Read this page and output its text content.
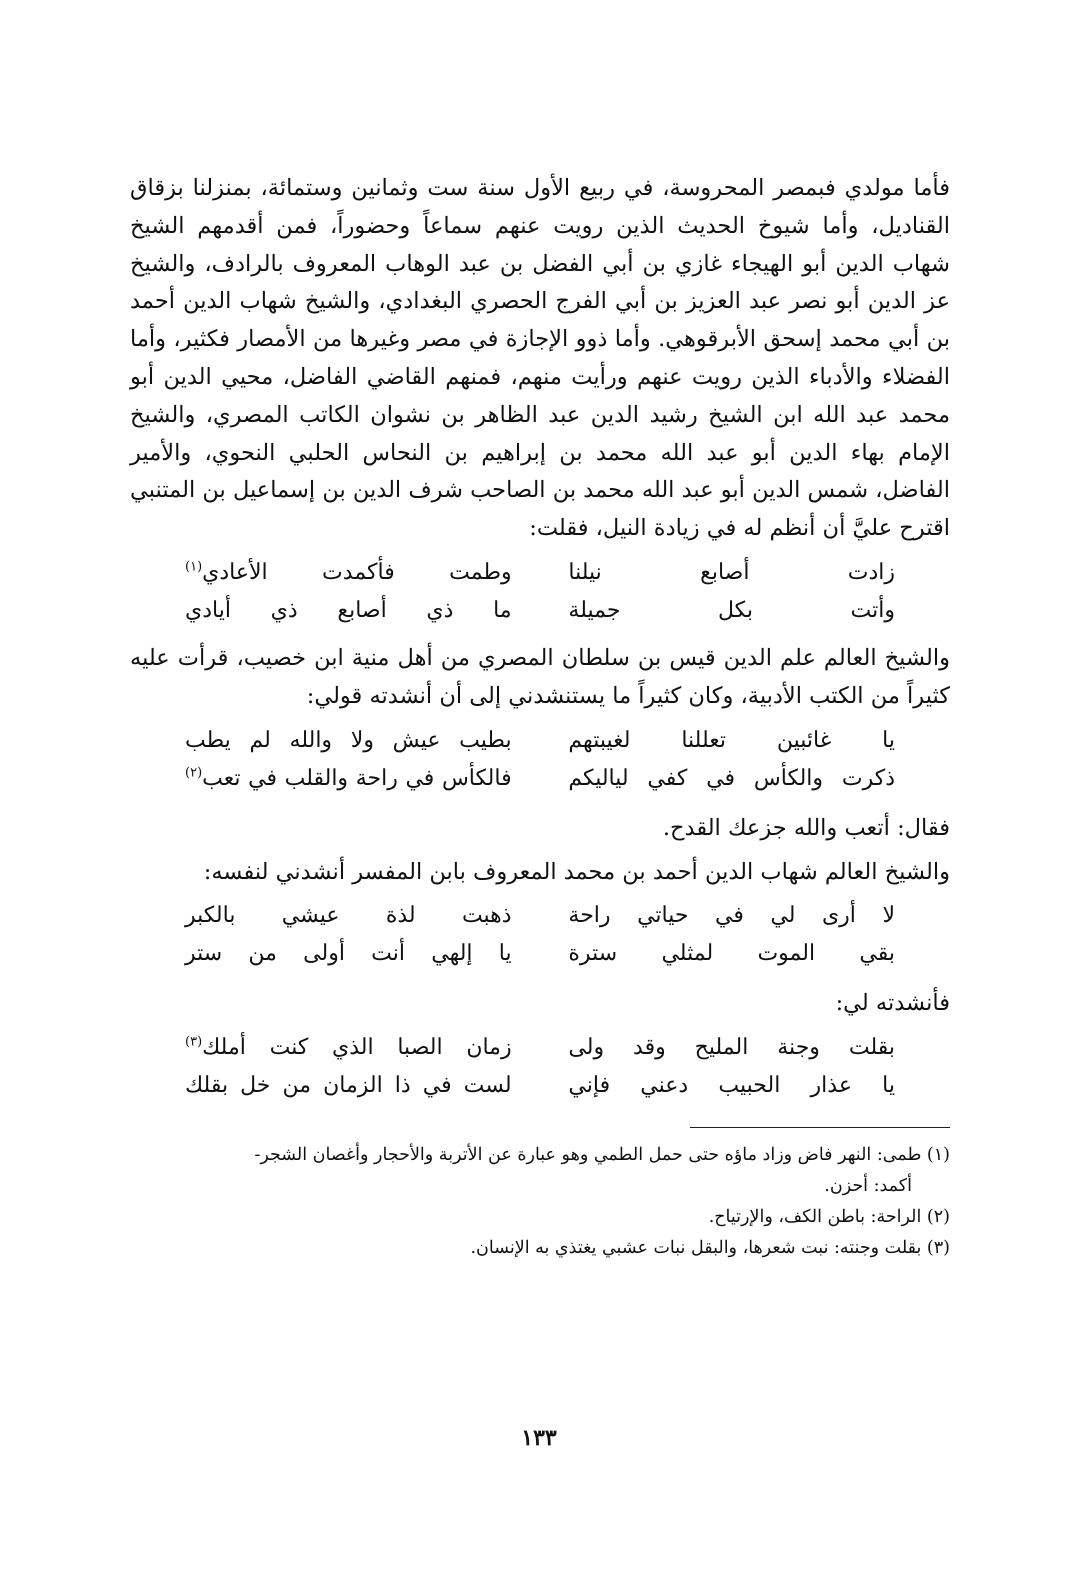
فأما مولدي فبمصر المحروسة، في ربيع الأول سنة ست وثمانين وستمائة، بمنزلنا بزقاق القناديل، وأما شيوخ الحديث الذين رويت عنهم سماعاً وحضوراً، فمن أقدمهم الشيخ شهاب الدين أبو الهيجاء غازي بن أبي الفضل بن عبد الوهاب المعروف بالرادف، والشيخ عز الدين أبو نصر عبد العزيز بن أبي الفرج الحصري البغدادي، والشيخ شهاب الدين أحمد بن أبي محمد إسحق الأبرقوهي. وأما ذوو الإجازة في مصر وغيرها من الأمصار فكثير، وأما الفضلاء والأدباء الذين رويت عنهم ورأيت منهم، فمنهم القاضي الفاضل، محيي الدين أبو محمد عبد الله ابن الشيخ رشيد الدين عبد الظاهر بن نشوان الكاتب المصري، والشيخ الإمام بهاء الدين أبو عبد الله محمد بن إبراهيم بن النحاس الحلبي النحوي، والأمير الفاضل، شمس الدين أبو عبد الله محمد بن الصاحب شرف الدين بن إسماعيل بن المتنبي اقترح عليَّ أن أنظم له في زيادة النيل، فقلت:

زادت أصابع نيلنا
وطمت فأكمدت الأعادي$^{(١)}$
وأتت بكل جميلة
ما ذي أصابع ذي أيادي

والشيخ العالم علم الدين قيس بن سلطان المصري من أهل منية ابن خصيب، قرأت عليه كثيراً من الكتب الأدبية، وكان كثيراً ما يستنشدني إلى أن أنشدته قولي:

يا غائبين تعللنا لغيبتهم
بطيب عيش ولا والله لم يطب
ذكرت والكأس في كفي لياليكم
فالكأس في راحة والقلب في تعب$^{(٢)}$

فقال: أتعب والله جزعك القدح.

والشيخ العالم شهاب الدين أحمد بن محمد المعروف بابن المفسر أنشدني لنفسه:

لا أرى لي في حياتي راحة
ذهبت لذة عيشي بالكبر
بقي الموت لمثلي سترة
يا إلهي أنت أولى من ستر

فأنشدته لي:

بقلت وجنة المليح وقد ولى
زمان الصبا الذي كنت أملك$^{(٣)}$
يا عذار الحبيب دعني فإني
لست في ذا الزمان من خل بقلك

(١) طمى: النهر فاض وزاد ماؤه حتى حمل الطمي وهو عبارة عن الأتربة والأحجار وأغصان الشجر-

أكمد: أحزن.

(٢) الراحة: باطن الكف، والإرتياح.

(٣) بقلت وجنته: نبت شعرها، والبقل نبات عشبي يغتذي به الإنسان.

١٣٣
